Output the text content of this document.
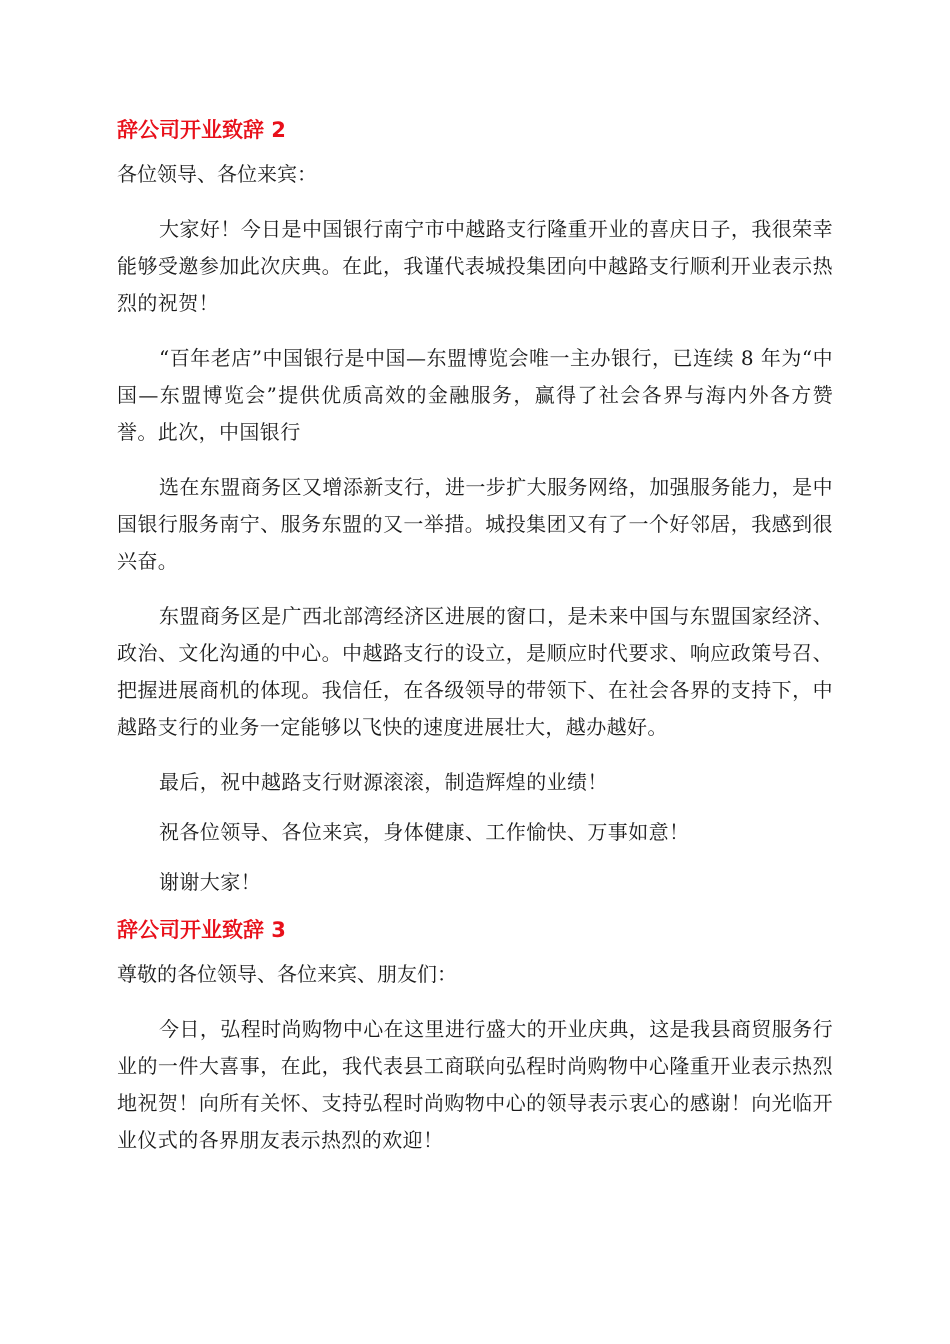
辞公司开业致辞 2
各位领导、各位来宾：

大家好！今日是中国银行南宁市中越路支行隆重开业的喜庆日子，我很荣幸能够受邀参加此次庆典。在此，我谨代表城投集团向中越路支行顺利开业表示热烈的祝贺！

“百年老店”中国银行是中国—东盟博览会唯一主办银行，已连续 8 年为“中国—东盟博览会”提供优质高效的金融服务，赢得了社会各界与海内外各方赞誉。此次，中国银行

选在东盟商务区又增添新支行，进一步扩大服务网络，加强服务能力，是中国银行服务南宁、服务东盟的又一举措。城投集团又有了一个好邻居，我感到很兴奋。

东盟商务区是广西北部湾经济区进展的窗口，是未来中国与东盟国家经济、政治、文化沟通的中心。中越路支行的设立，是顺应时代要求、响应政策号召、把握进展商机的体现。我信任，在各级领导的带领下、在社会各界的支持下，中越路支行的业务一定能够以飞快的速度进展壮大，越办越好。

最后，祝中越路支行财源滚滚，制造辉煌的业绩！

祝各位领导、各位来宾，身体健康、工作愉快、万事如意！

谢谢大家！

辞公司开业致辞 3
尊敬的各位领导、各位来宾、朋友们：

今日，弘程时尚购物中心在这里进行盛大的开业庆典，这是我县商贸服务行业的一件大喜事，在此，我代表县工商联向弘程时尚购物中心隆重开业表示热烈地祝贺！向所有关怀、支持弘程时尚购物中心的领导表示衷心的感谢！向光临开业仪式的各界朋友表示热烈的欢迎！
